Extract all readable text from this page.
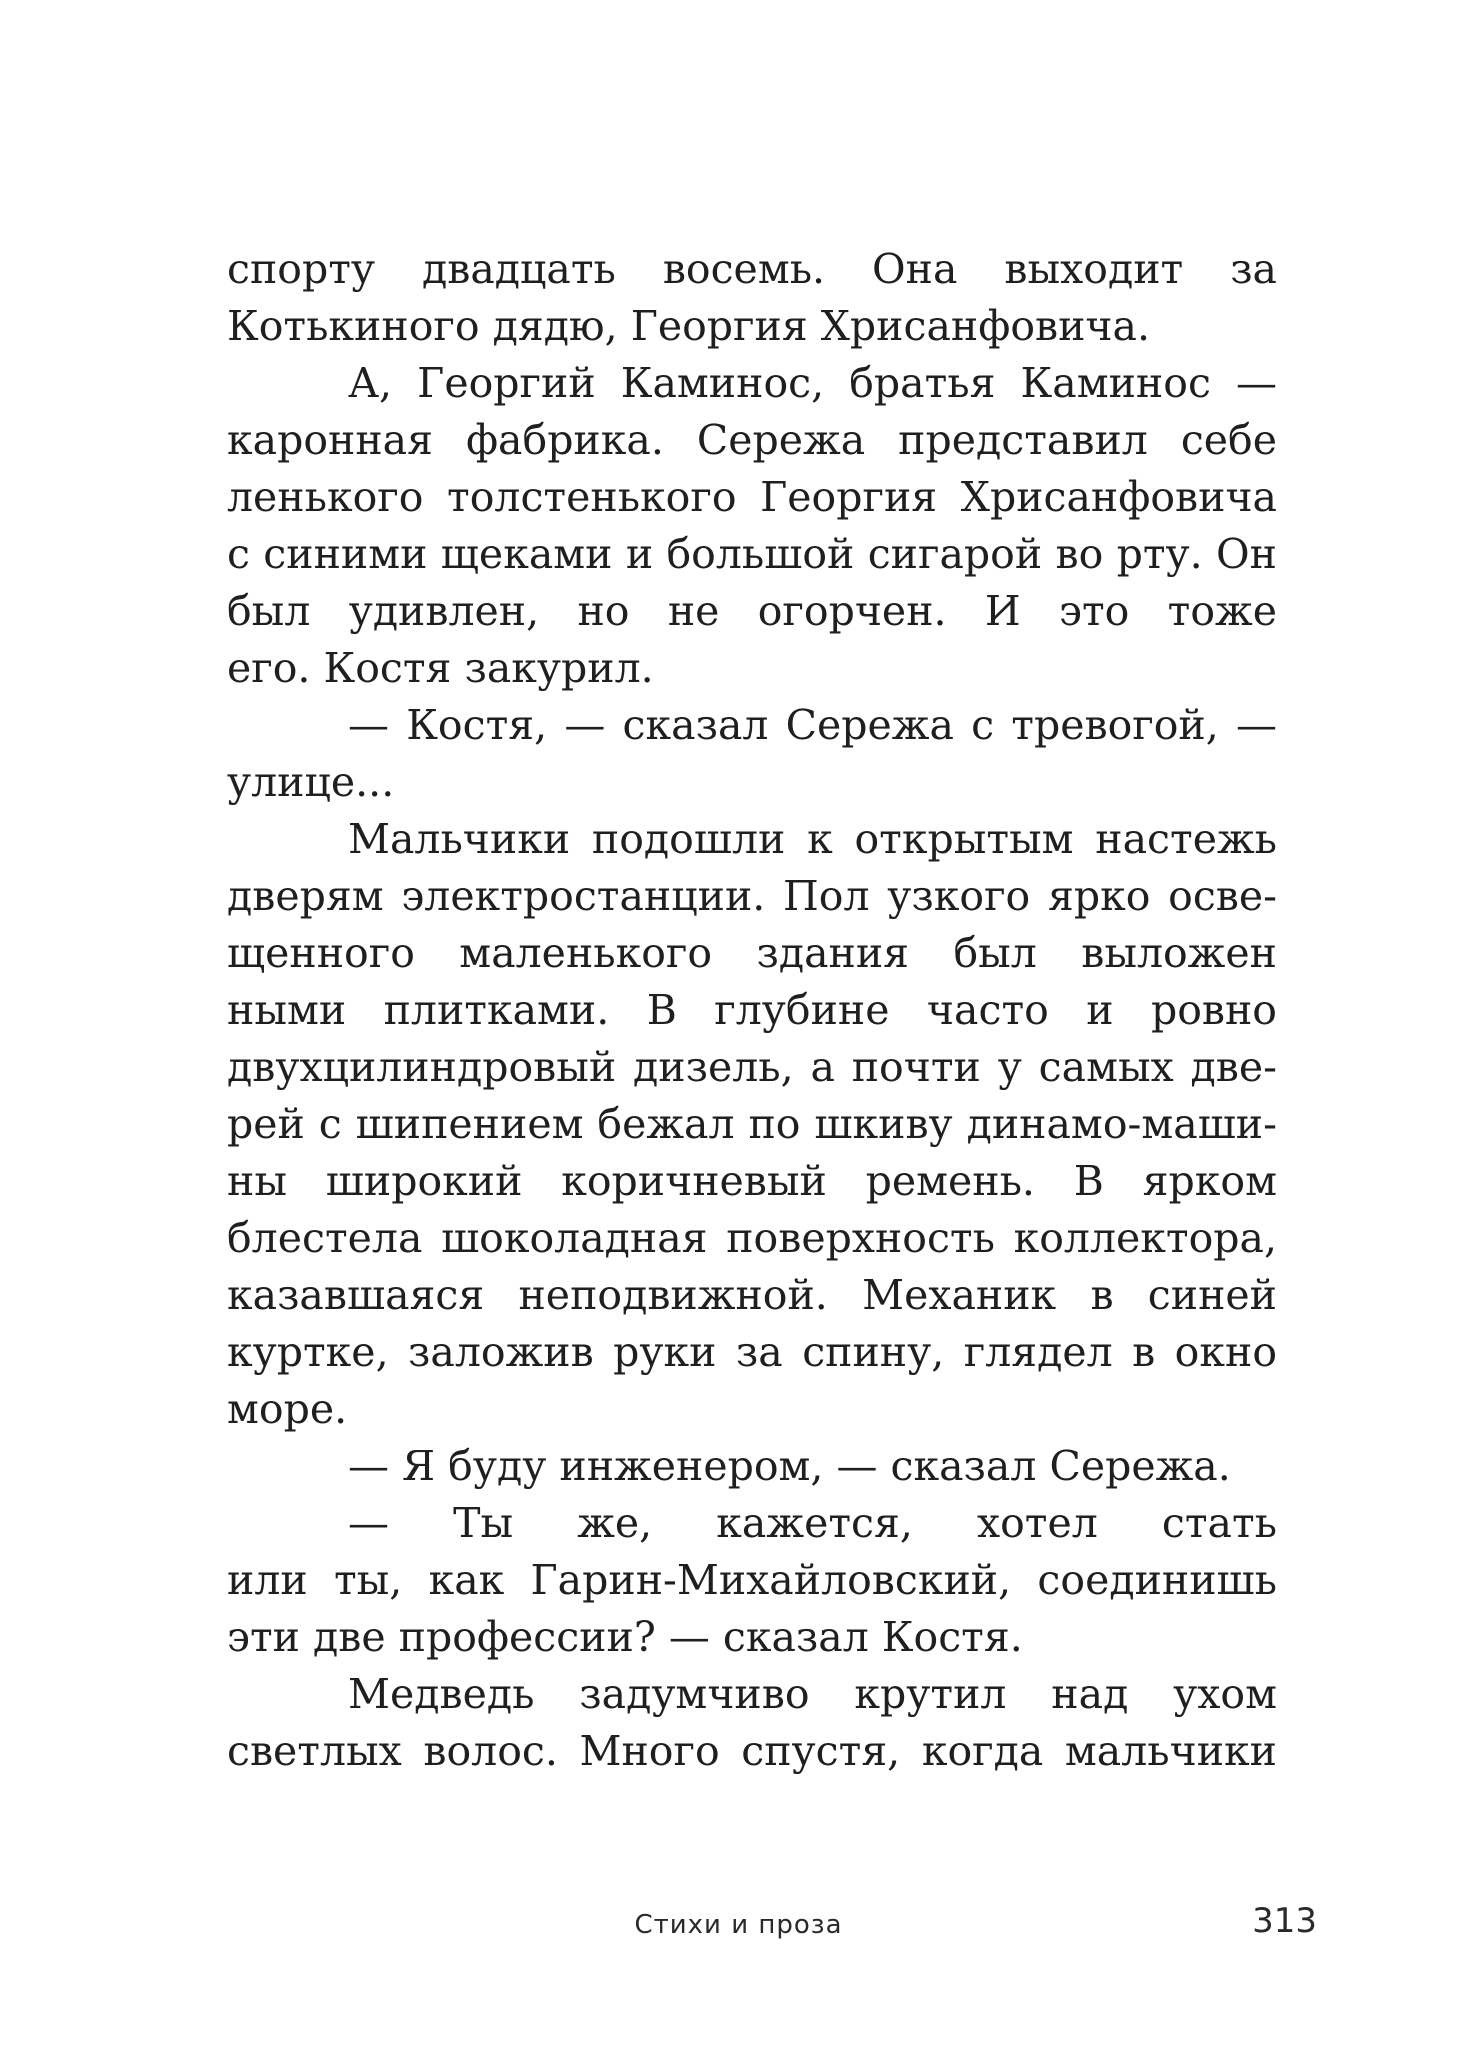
спорту двадцать восемь. Она выходит за
Котькиного дядю, Георгия Хрисанфовича.
А, Георгий Каминос, братья Каминос —
каронная фабрика. Сережа представил себе
ленького толстенького Георгия Хрисанфовича
с синими щеками и большой сигарой во рту. Он
был удивлен, но не огорчен. И это тоже
его. Костя закурил.
— Костя, — сказал Сережа с тревогой, —
улице...
Мальчики подошли к открытым настежь
дверям электростанции. Пол узкого ярко осве-
щенного маленького здания был выложен
ными плитками. В глубине часто и ровно
двухцилиндровый дизель, а почти у самых две-
рей с шипением бежал по шкиву динамо-маши-
ны широкий коричневый ремень. В ярком
блестела шоколадная поверхность коллектора,
казавшаяся неподвижной. Механик в синей
куртке, заложив руки за спину, глядел в окно
море.
— Я буду инженером, — сказал Сережа.
— Ты же, кажется, хотел стать
или ты, как Гарин-Михайловский, соединишь
эти две профессии? — сказал Костя.
Медведь задумчиво крутил над ухом
светлых волос. Много спустя, когда мальчики
Стихи и проза	313
